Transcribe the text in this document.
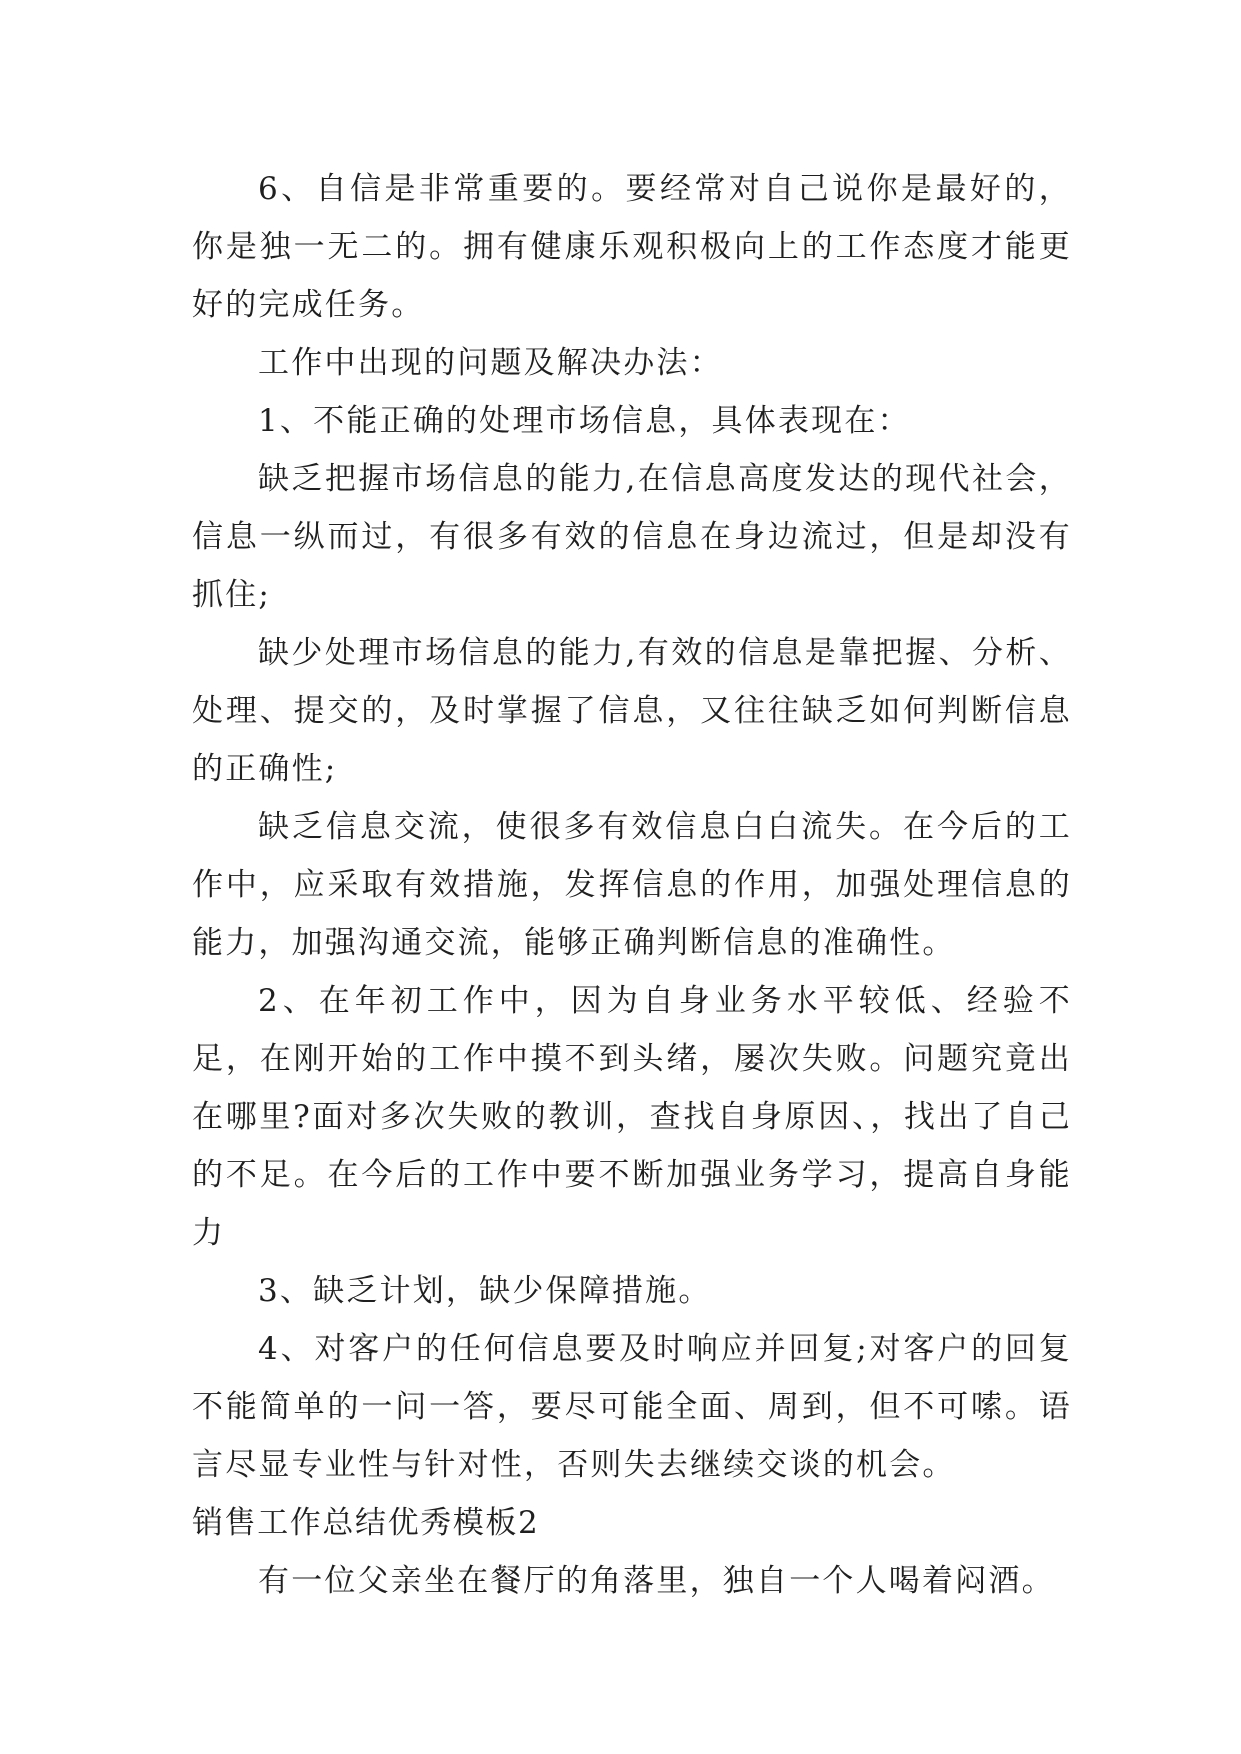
6、自信是非常重要的。要经常对自己说你是最好的，你是独一无二的。拥有健康乐观积极向上的工作态度才能更好的完成任务。

工作中出现的问题及解决办法：

1、不能正确的处理市场信息，具体表现在：

缺乏把握市场信息的能力,在信息高度发达的现代社会，信息一纵而过，有很多有效的信息在身边流过，但是却没有抓住;

缺少处理市场信息的能力,有效的信息是靠把握、分析、处理、提交的，及时掌握了信息，又往往缺乏如何判断信息的正确性;

缺乏信息交流，使很多有效信息白白流失。在今后的工作中，应采取有效措施，发挥信息的作用，加强处理信息的能力，加强沟通交流，能够正确判断信息的准确性。

2、在年初工作中，因为自身业务水平较低、经验不足，在刚开始的工作中摸不到头绪，屡次失败。问题究竟出在哪里?面对多次失败的教训，查找自身原因、，找出了自己的不足。在今后的工作中要不断加强业务学习，提高自身能力

3、缺乏计划，缺少保障措施。

4、对客户的任何信息要及时响应并回复;对客户的回复不能简单的一问一答，要尽可能全面、周到，但不可嗦。语言尽显专业性与针对性，否则失去继续交谈的机会。

销售工作总结优秀模板2

有一位父亲坐在餐厅的角落里，独自一个人喝着闷酒。
